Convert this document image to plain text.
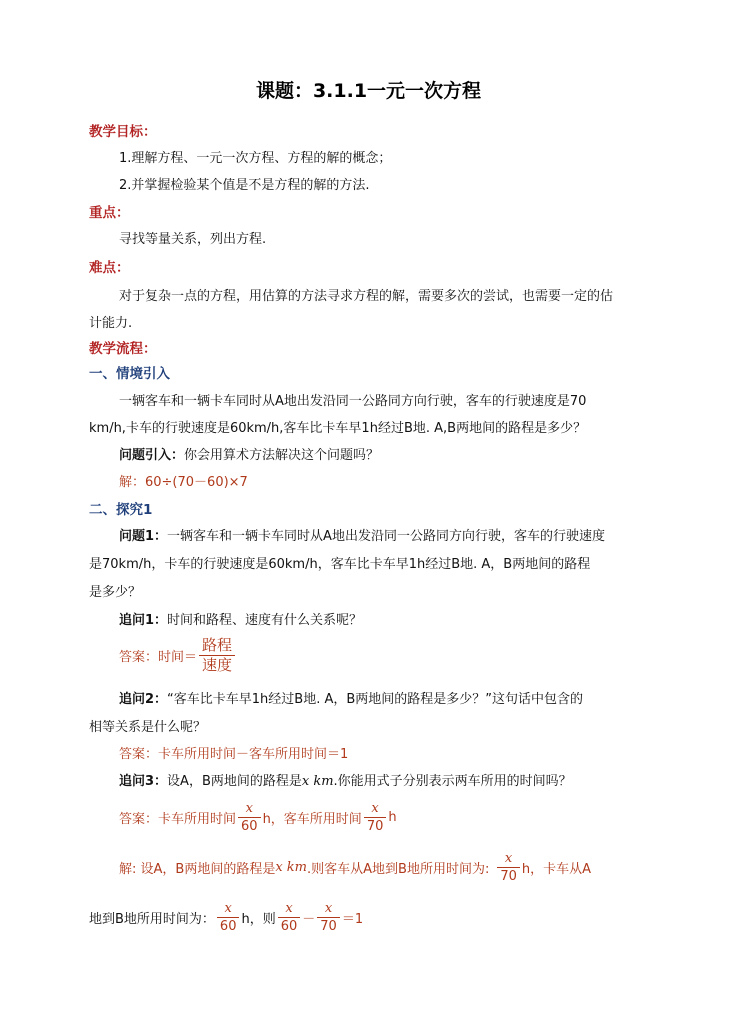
课题：3.1.1一元一次方程
教学目标：
1.理解方程、一元一次方程、方程的解的概念；
2.并掌握检验某个值是不是方程的解的方法.
重点：
寻找等量关系，列出方程.
难点：
对于复杂一点的方程，用估算的方法寻求方程的解，需要多次的尝试，也需要一定的估
计能力.
教学流程：
一、情境引入
一辆客车和一辆卡车同时从A地出发沿同一公路同方向行驶，客车的行驶速度是70
km/h,卡车的行驶速度是60km/h,客车比卡车早1h经过B地. A,B两地间的路程是多少？
问题引入：你会用算术方法解决这个问题吗？
解：60÷(70－60)×7
二、探究1
问题1：一辆客车和一辆卡车同时从A地出发沿同一公路同方向行驶，客车的行驶速度
是70km/h，卡车的行驶速度是60km/h，客车比卡车早1h经过B地. A，B两地间的路程
是多少？
追问1：时间和路程、速度有什么关系呢？
答案：时间＝ $\frac{\text{路程}}{\text{速度}}$
追问2：“客车比卡车早1h经过B地. A，B两地间的路程是多少？”这句话中包含的
相等关系是什么呢？
答案：卡车所用时间－客车所用时间＝1
追问3：设A，B两地间的路程是x km.你能用式子分别表示两车所用的时间吗？
答案：卡车所用时间 $\frac{x}{60}$ h，客车所用时间 $\frac{x}{70}$ h
解: 设A，B两地间的路程是x km.则客车从A地到B地所用时间为: $\frac{x}{70}$ h，卡车从A
地到B地所用时间为： $\frac{x}{60}$ h，则 $\frac{x}{60} - \frac{x}{70} =1$
